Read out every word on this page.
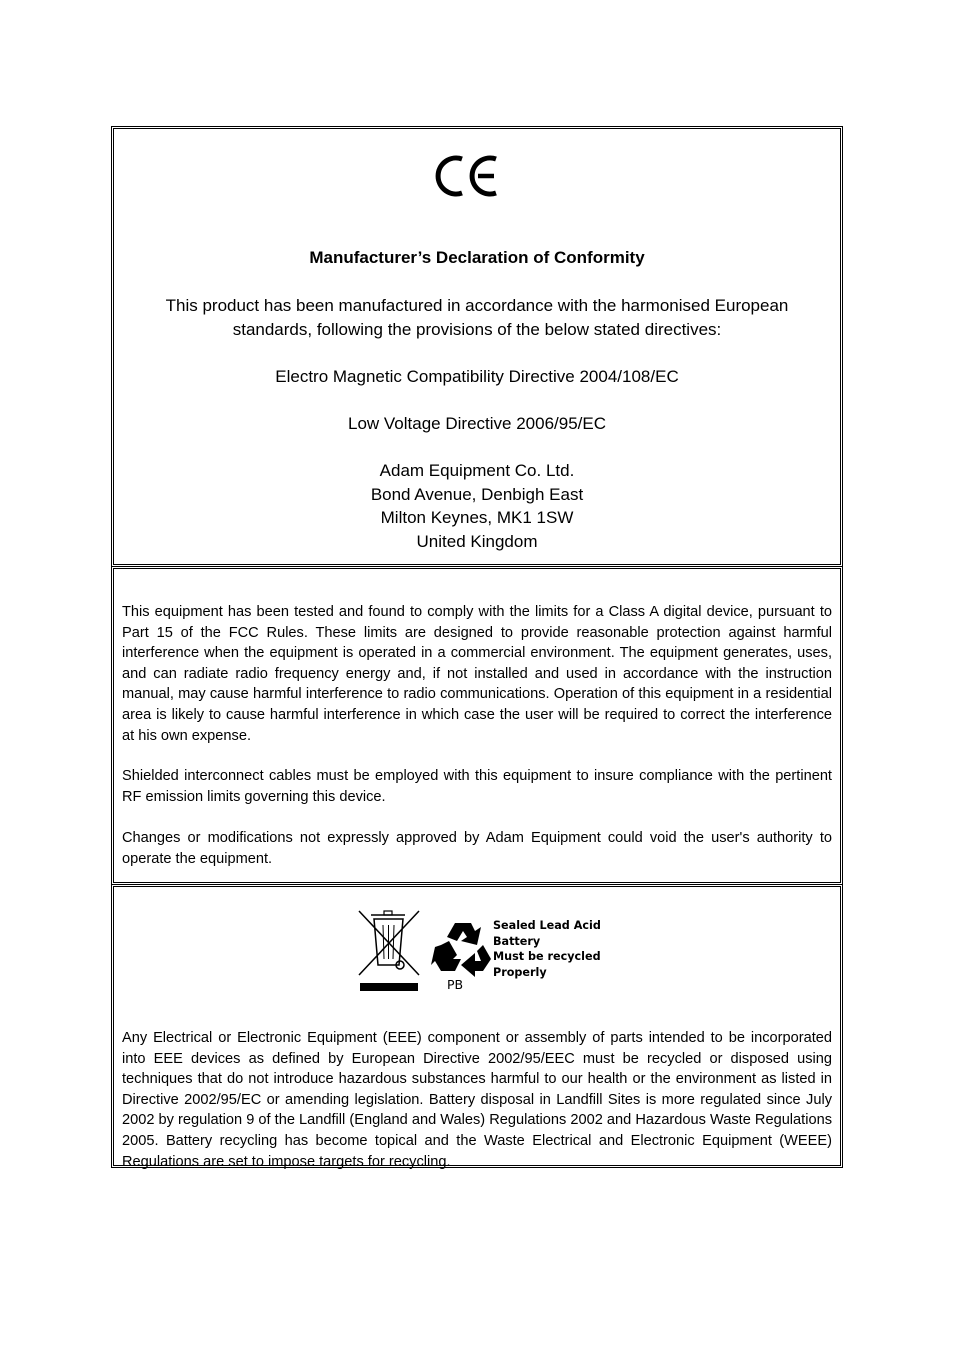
Manufacturer’s Declaration of Conformity
This product has been manufactured in accordance with the harmonised European
standards, following the provisions of the below stated directives:
Electro Magnetic Compatibility Directive 2004/108/EC
Low Voltage Directive 2006/95/EC
Adam Equipment Co. Ltd.
Bond Avenue, Denbigh East
Milton Keynes, MK1 1SW
United Kingdom

This equipment has been tested and found to comply with the limits for a Class A digital device, pursuant to Part 15 of the FCC Rules. These limits are designed to provide reasonable protection against harmful interference when the equipment is operated in a commercial environment. The equipment generates, uses, and can radiate radio frequency energy and, if not installed and used in accordance with the instruction manual, may cause harmful interference to radio communications. Operation of this equipment in a residential area is likely to cause harmful interference in which case the user will be required to correct the interference at his own expense.

Shielded interconnect cables must be employed with this equipment to insure compliance with the pertinent RF emission limits governing this device.

Changes or modifications not expressly approved by Adam Equipment could void the user's authority to operate the equipment.

Sealed Lead Acid
Battery
Must be recycled
Properly
PB

Any Electrical or Electronic Equipment (EEE) component or assembly of parts intended to be incorporated into EEE devices as defined by European Directive 2002/95/EEC must be recycled or disposed using techniques that do not introduce hazardous substances harmful to our health or the environment as listed in Directive 2002/95/EC or amending legislation. Battery disposal in Landfill Sites is more regulated since July 2002 by regulation 9 of the Landfill (England and Wales) Regulations 2002 and Hazardous Waste Regulations 2005. Battery recycling has become topical and the Waste Electrical and Electronic Equipment (WEEE) Regulations are set to impose targets for recycling.
